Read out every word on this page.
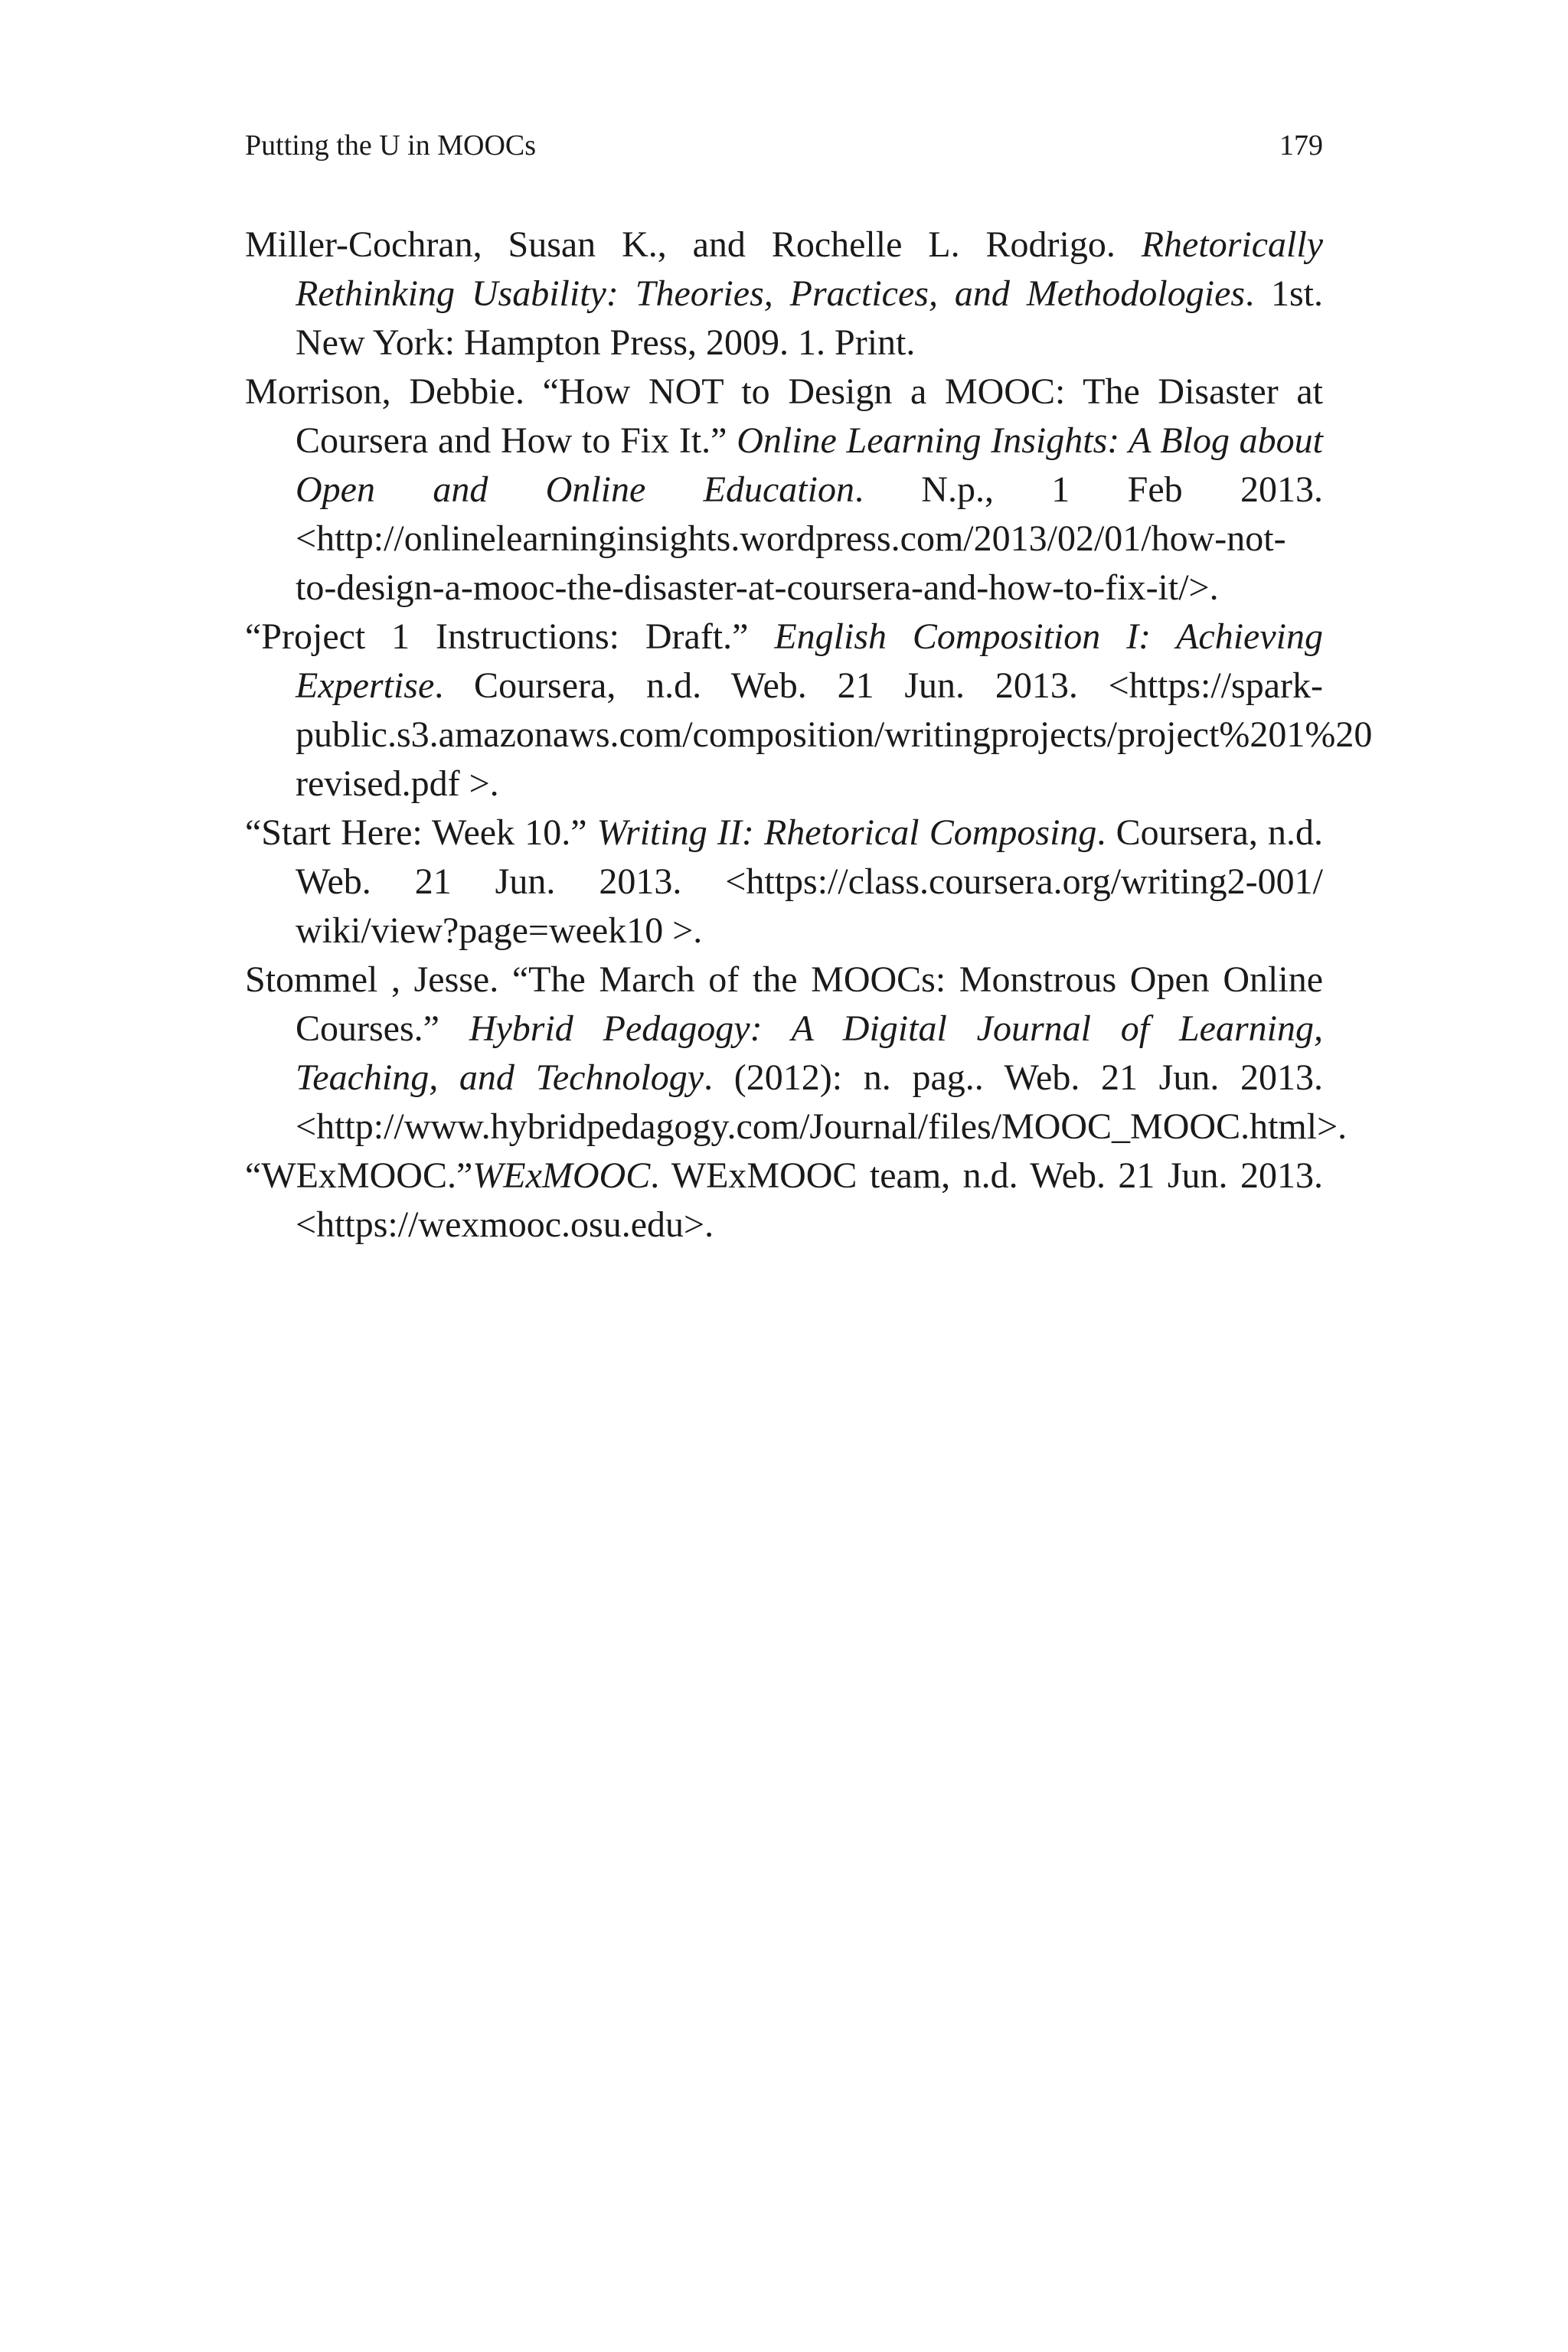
Putting the U in MOOCs	179

Miller-Cochran, Susan K., and Rochelle L. Rodrigo. Rhetorically Rethinking Usability: Theories, Practices, and Methodologies. 1st. New York: Hampton Press, 2009. 1. Print.

Morrison, Debbie. “How NOT to Design a MOOC: The Disaster at Coursera and How to Fix It.” Online Learning Insights: A Blog about Open and Online Education. N.p., 1 Feb 2013. <http://onlinelearninginsights.wordpress.com/2013/02/01/how-not-to-design-a-mooc-the-disaster-at-coursera-and-how-to-fix-it/>.

“Project 1 Instructions: Draft.” English Composition I: Achieving Expertise. Coursera, n.d. Web. 21 Jun. 2013. <https://spark- public.s3.amazonaws.com/composition/writingprojects/project%201%20 revised.pdf >.

“Start Here: Week 10.” Writing II: Rhetorical Composing. Coursera, n.d. Web. 21 Jun. 2013. <https://class.coursera.org/writing2-001/ wiki/view?page=week10 >.

Stommel , Jesse. “The March of the MOOCs: Monstrous Open Online Courses.” Hybrid Pedagogy: A Digital Journal of Learning, Teaching, and Technology. (2012): n. pag.. Web. 21 Jun. 2013. <http://www.hybridpedagogy.com/Journal/files/MOOC_MOOC.html>.

“WExMOOC.”WExMOOC. WExMOOC team, n.d. Web. 21 Jun. 2013. <https://wexmooc.osu.edu>.
